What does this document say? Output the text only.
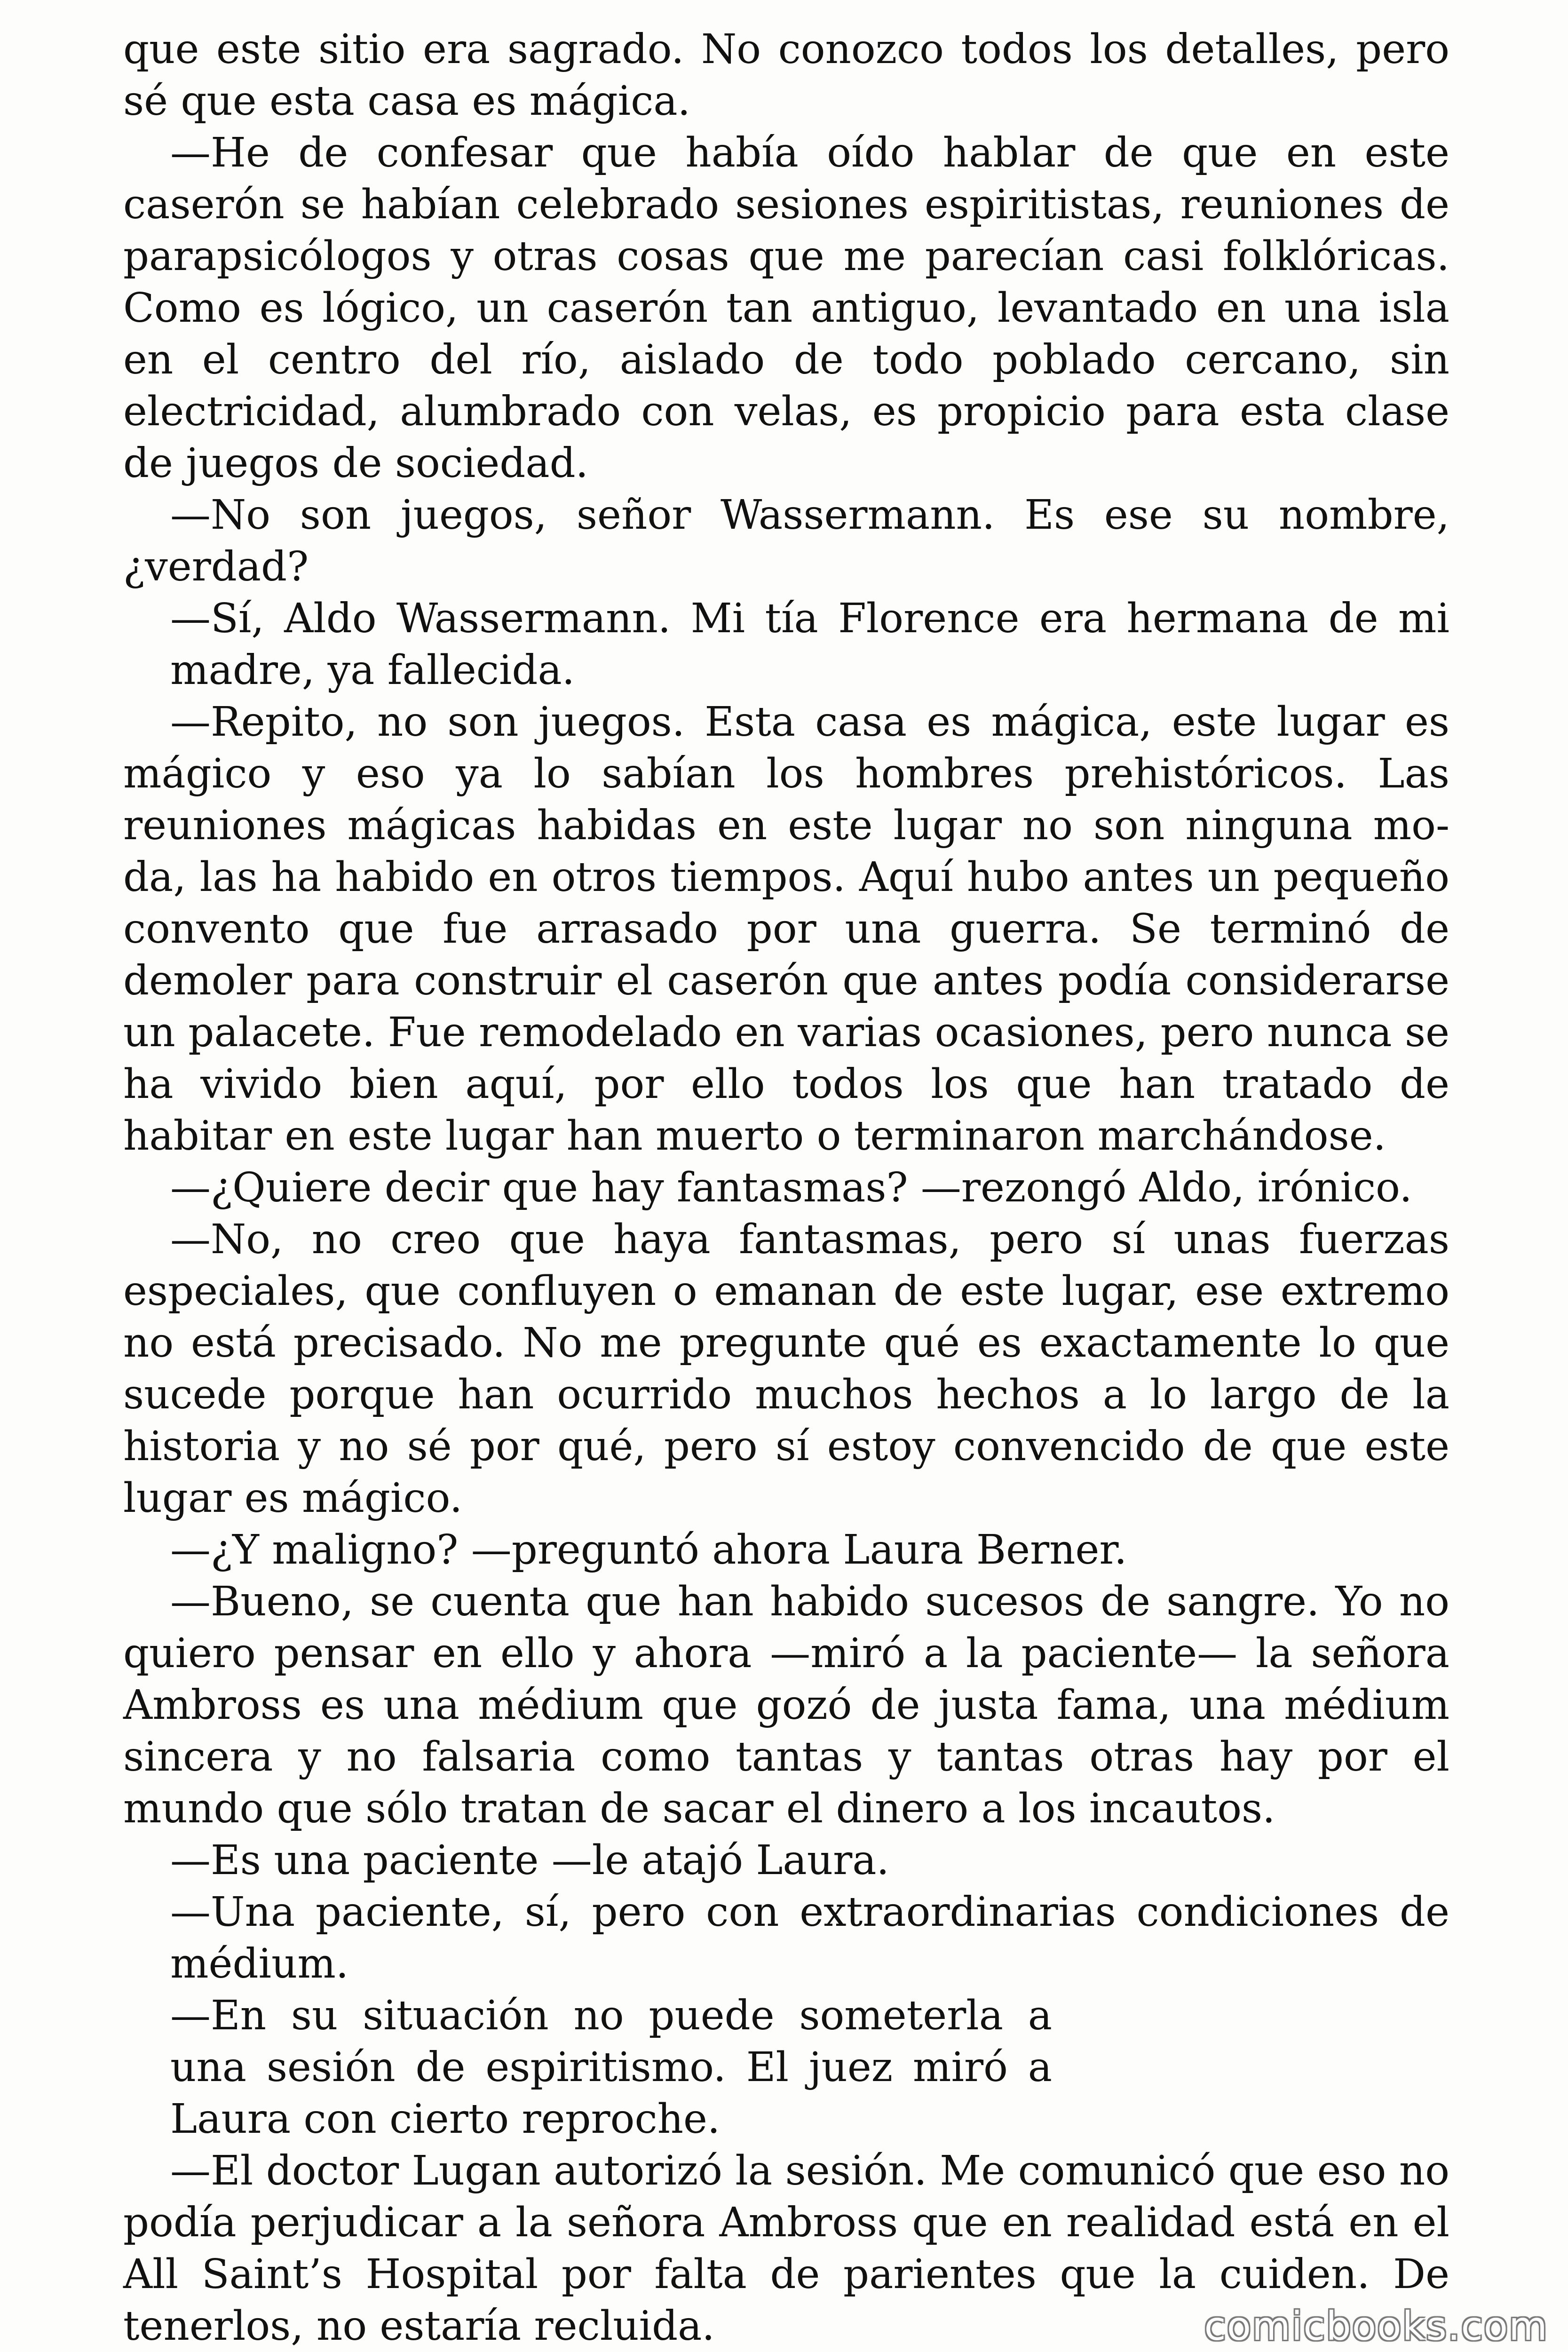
que este sitio era sagrado. No conozco todos los detalles, pero sé que esta casa es mágica.

—He de confesar que había oído hablar de que en este caserón se habían celebrado sesiones espiritistas, reuniones de parapsicólogos y otras cosas que me parecían casi folklóricas. Como es lógico, un caserón tan antiguo, levantado en una isla en el centro del río, aislado de todo poblado cercano, sin electricidad, alumbrado con velas, es propicio para esta clase de juegos de sociedad.

—No son juegos, señor Wassermann. Es ese su nombre, ¿verdad?

—Sí, Aldo Wassermann. Mi tía Florence era hermana de mi madre, ya fallecida.

—Repito, no son juegos. Esta casa es mágica, este lugar es mágico y eso ya lo sabían los hombres prehistóricos. Las reuniones mágicas habidas en este lugar no son ninguna mo- da, las ha habido en otros tiempos. Aquí hubo antes un pequeño convento que fue arrasado por una guerra. Se terminó de demoler para construir el caserón que antes podía considerarse un palacete. Fue remodelado en varias ocasiones, pero nunca se ha vivido bien aquí, por ello todos los que han tratado de habitar en este lugar han muerto o terminaron marchándose.

—¿Quiere decir que hay fantasmas? —rezongó Aldo, irónico.

—No, no creo que haya fantasmas, pero sí unas fuerzas especiales, que confluyen o emanan de este lugar, ese extremo no está precisado. No me pregunte qué es exactamente lo que sucede porque han ocurrido muchos hechos a lo largo de la historia y no sé por qué, pero sí estoy convencido de que este lugar es mágico.

—¿Y maligno? —preguntó ahora Laura Berner.

—Bueno, se cuenta que han habido sucesos de sangre. Yo no quiero pensar en ello y ahora —miró a la paciente— la señora Ambross es una médium que gozó de justa fama, una médium sincera y no falsaria como tantas y tantas otras hay por el mundo que sólo tratan de sacar el dinero a los incautos.

—Es una paciente —le atajó Laura.

—Una paciente, sí, pero con extraordinarias condiciones de médium.

—En su situación no puede someterla a una sesión de espiritismo. El juez miró a Laura con cierto reproche.

—El doctor Lugan autorizó la sesión. Me comunicó que eso no podía perjudicar a la señora Ambross que en realidad está en el All Saint’s Hospital por falta de parientes que la cuiden. De tenerlos, no estaría recluida.	comicbooks.com
